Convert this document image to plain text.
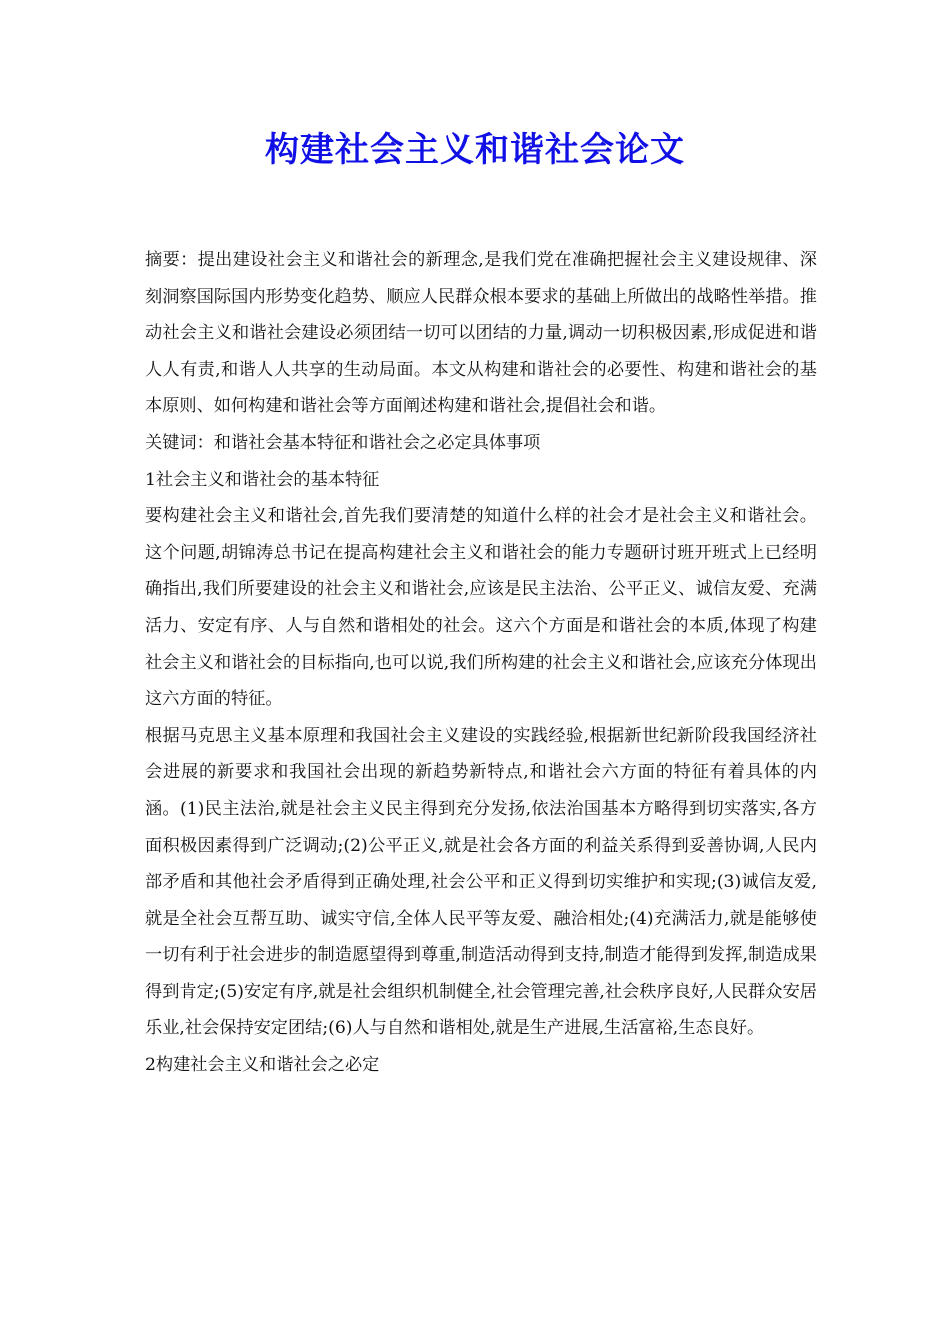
构建社会主义和谐社会论文

摘要：提出建设社会主义和谐社会的新理念,是我们党在准确把握社会主义建设规律、深刻洞察国际国内形势变化趋势、顺应人民群众根本要求的基础上所做出的战略性举措。推动社会主义和谐社会建设必须团结一切可以团结的力量,调动一切积极因素,形成促进和谐人人有责,和谐人人共享的生动局面。本文从构建和谐社会的必要性、构建和谐社会的基本原则、如何构建和谐社会等方面阐述构建和谐社会,提倡社会和谐。

关键词：和谐社会基本特征和谐社会之必定具体事项

1社会主义和谐社会的基本特征

要构建社会主义和谐社会,首先我们要清楚的知道什么样的社会才是社会主义和谐社会。这个问题,胡锦涛总书记在提高构建社会主义和谐社会的能力专题研讨班开班式上已经明确指出,我们所要建设的社会主义和谐社会,应该是民主法治、公平正义、诚信友爱、充满活力、安定有序、人与自然和谐相处的社会。这六个方面是和谐社会的本质,体现了构建社会主义和谐社会的目标指向,也可以说,我们所构建的社会主义和谐社会,应该充分体现出这六方面的特征。

根据马克思主义基本原理和我国社会主义建设的实践经验,根据新世纪新阶段我国经济社会进展的新要求和我国社会出现的新趋势新特点,和谐社会六方面的特征有着具体的内涵。(1)民主法治,就是社会主义民主得到充分发扬,依法治国基本方略得到切实落实,各方面积极因素得到广泛调动;(2)公平正义,就是社会各方面的利益关系得到妥善协调,人民内部矛盾和其他社会矛盾得到正确处理,社会公平和正义得到切实维护和实现;(3)诚信友爱,就是全社会互帮互助、诚实守信,全体人民平等友爱、融洽相处;(4)充满活力,就是能够使一切有利于社会进步的制造愿望得到尊重,制造活动得到支持,制造才能得到发挥,制造成果得到肯定;(5)安定有序,就是社会组织机制健全,社会管理完善,社会秩序良好,人民群众安居乐业,社会保持安定团结;(6)人与自然和谐相处,就是生产进展,生活富裕,生态良好。

2构建社会主义和谐社会之必定
